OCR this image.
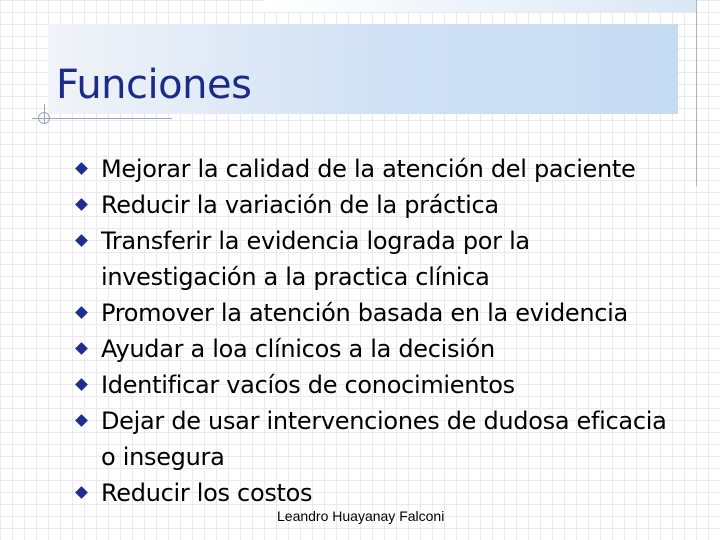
Funciones
Mejorar la calidad de la atención del paciente
Reducir la variación de la práctica
Transferir la evidencia lograda por la investigación a la practica clínica
Promover la atención basada en la evidencia
Ayudar a loa clínicos a la decisión
Identificar vacíos de conocimientos
Dejar de usar intervenciones de dudosa eficacia o insegura
Reducir los costos
Leandro Huayanay Falconi
